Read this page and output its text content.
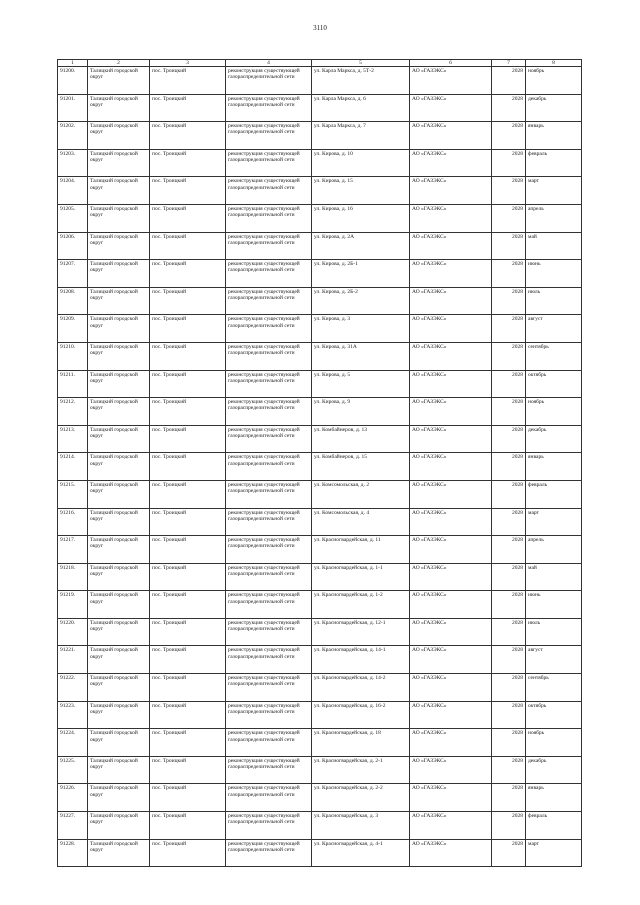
3110
1	2	3	4	5	6	7	8
91200.	Талицкий городской округ	пос. Троицкий	реконструкция существующей газораспределительной сети	ул. Карла Маркса, д. 5Т-2	АО «ГАЗЭКС»	2028	ноябрь
91201.	Талицкий городской округ	пос. Троицкий	реконструкция существующей газораспределительной сети	ул. Карла Маркса, д. 6	АО «ГАЗЭКС»	2028	декабрь
91202.	Талицкий городской округ	пос. Троицкий	реконструкция существующей газораспределительной сети	ул. Карла Маркса, д. 7	АО «ГАЗЭКС»	2028	январь
91203.	Талицкий городской округ	пос. Троицкий	реконструкция существующей газораспределительной сети	ул. Кирова, д. 10	АО «ГАЗЭКС»	2028	февраль
91204.	Талицкий городской округ	пос. Троицкий	реконструкция существующей газораспределительной сети	ул. Кирова, д. 15	АО «ГАЗЭКС»	2028	март
91205.	Талицкий городской округ	пос. Троицкий	реконструкция существующей газораспределительной сети	ул. Кирова, д. 16	АО «ГАЗЭКС»	2028	апрель
91206.	Талицкий городской округ	пос. Троицкий	реконструкция существующей газораспределительной сети	ул. Кирова, д. 2А	АО «ГАЗЭКС»	2028	май
91207.	Талицкий городской округ	пос. Троицкий	реконструкция существующей газораспределительной сети	ул. Кирова, д. 2Б-1	АО «ГАЗЭКС»	2028	июнь
91208.	Талицкий городской округ	пос. Троицкий	реконструкция существующей газораспределительной сети	ул. Кирова, д. 2Б-2	АО «ГАЗЭКС»	2028	июль
91209.	Талицкий городской округ	пос. Троицкий	реконструкция существующей газораспределительной сети	ул. Кирова, д. 3	АО «ГАЗЭКС»	2028	август
91210.	Талицкий городской округ	пос. Троицкий	реконструкция существующей газораспределительной сети	ул. Кирова, д. 31А	АО «ГАЗЭКС»	2028	сентябрь
91211.	Талицкий городской округ	пос. Троицкий	реконструкция существующей газораспределительной сети	ул. Кирова, д. 5	АО «ГАЗЭКС»	2028	октябрь
91212.	Талицкий городской округ	пос. Троицкий	реконструкция существующей газораспределительной сети	ул. Кирова, д. 9	АО «ГАЗЭКС»	2028	ноябрь
91213.	Талицкий городской округ	пос. Троицкий	реконструкция существующей газораспределительной сети	ул. Комбайнеров, д. 13	АО «ГАЗЭКС»	2028	декабрь
91214.	Талицкий городской округ	пос. Троицкий	реконструкция существующей газораспределительной сети	ул. Комбайнеров, д. 15	АО «ГАЗЭКС»	2028	январь
91215.	Талицкий городской округ	пос. Троицкий	реконструкция существующей газораспределительной сети	ул. Комсомольская, д. 2	АО «ГАЗЭКС»	2028	февраль
91216.	Талицкий городской округ	пос. Троицкий	реконструкция существующей газораспределительной сети	ул. Комсомольская, д. 4	АО «ГАЗЭКС»	2028	март
91217.	Талицкий городской округ	пос. Троицкий	реконструкция существующей газораспределительной сети	ул. Красногвардейская, д. 11	АО «ГАЗЭКС»	2028	апрель
91218.	Талицкий городской округ	пос. Троицкий	реконструкция существующей газораспределительной сети	ул. Красногвардейская, д. 1-1	АО «ГАЗЭКС»	2028	май
91219.	Талицкий городской округ	пос. Троицкий	реконструкция существующей газораспределительной сети	ул. Красногвардейская, д. 1-2	АО «ГАЗЭКС»	2028	июнь
91220.	Талицкий городской округ	пос. Троицкий	реконструкция существующей газораспределительной сети	ул. Красногвардейская, д. 12-1	АО «ГАЗЭКС»	2028	июль
91221.	Талицкий городской округ	пос. Троицкий	реконструкция существующей газораспределительной сети	ул. Красногвардейская, д. 14-1	АО «ГАЗЭКС»	2028	август
91222.	Талицкий городской округ	пос. Троицкий	реконструкция существующей газораспределительной сети	ул. Красногвардейская, д. 14-2	АО «ГАЗЭКС»	2028	сентябрь
91223.	Талицкий городской округ	пос. Троицкий	реконструкция существующей газораспределительной сети	ул. Красногвардейская, д. 16-2	АО «ГАЗЭКС»	2028	октябрь
91224.	Талицкий городской округ	пос. Троицкий	реконструкция существующей газораспределительной сети	ул. Красногвардейская, д. 18	АО «ГАЗЭКС»	2028	ноябрь
91225.	Талицкий городской округ	пос. Троицкий	реконструкция существующей газораспределительной сети	ул. Красногвардейская, д. 2-1	АО «ГАЗЭКС»	2028	декабрь
91226.	Талицкий городской округ	пос. Троицкий	реконструкция существующей газораспределительной сети	ул. Красногвардейская, д. 2-2	АО «ГАЗЭКС»	2028	январь
91227.	Талицкий городской округ	пос. Троицкий	реконструкция существующей газораспределительной сети	ул. Красногвардейская, д. 3	АО «ГАЗЭКС»	2028	февраль
91228.	Талицкий городской округ	пос. Троицкий	реконструкция существующей газораспределительной сети	ул. Красногвардейская, д. 4-1	АО «ГАЗЭКС»	2028	март
